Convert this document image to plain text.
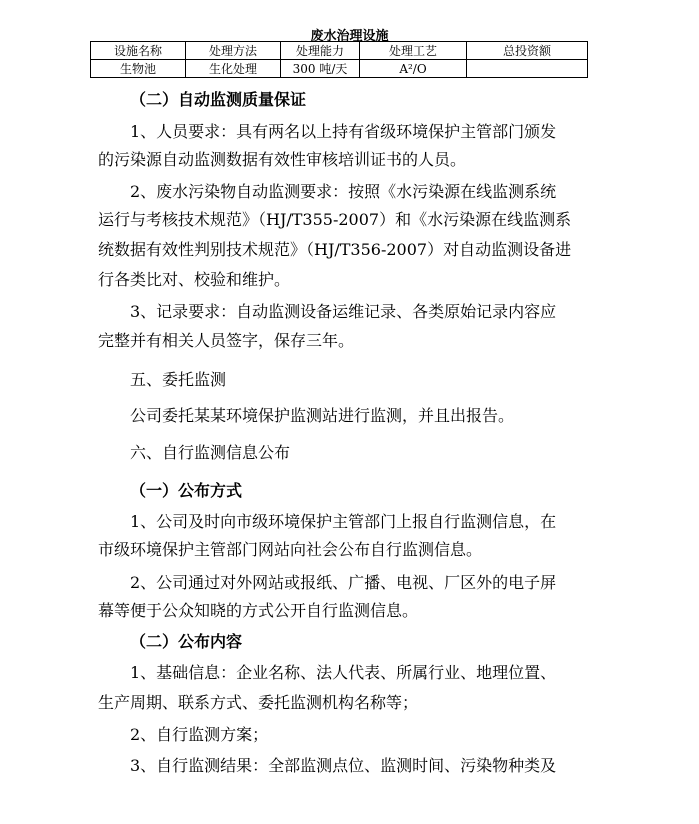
废水治理设施
设施名称	处理方法	处理能力	处理工艺	总投资额
生物池	生化处理	300 吨/天	A²/O	
（二）自动监测质量保证
1、人员要求：具有两名以上持有省级环境保护主管部门颁发
的污染源自动监测数据有效性审核培训证书的人员。
2、废水污染物自动监测要求：按照《水污染源在线监测系统
运行与考核技术规范》（HJ/T355-2007）和《水污染源在线监测系
统数据有效性判别技术规范》（HJ/T356-2007）对自动监测设备进
行各类比对、校验和维护。
3、记录要求：自动监测设备运维记录、各类原始记录内容应
完整并有相关人员签字，保存三年。
五、委托监测
公司委托某某环境保护监测站进行监测，并且出报告。
六、自行监测信息公布
（一）公布方式
1、公司及时向市级环境保护主管部门上报自行监测信息，在
市级环境保护主管部门网站向社会公布自行监测信息。
2、公司通过对外网站或报纸、广播、电视、厂区外的电子屏
幕等便于公众知晓的方式公开自行监测信息。
（二）公布内容
1、基础信息：企业名称、法人代表、所属行业、地理位置、
生产周期、联系方式、委托监测机构名称等；
2、自行监测方案；
3、自行监测结果：全部监测点位、监测时间、污染物种类及
